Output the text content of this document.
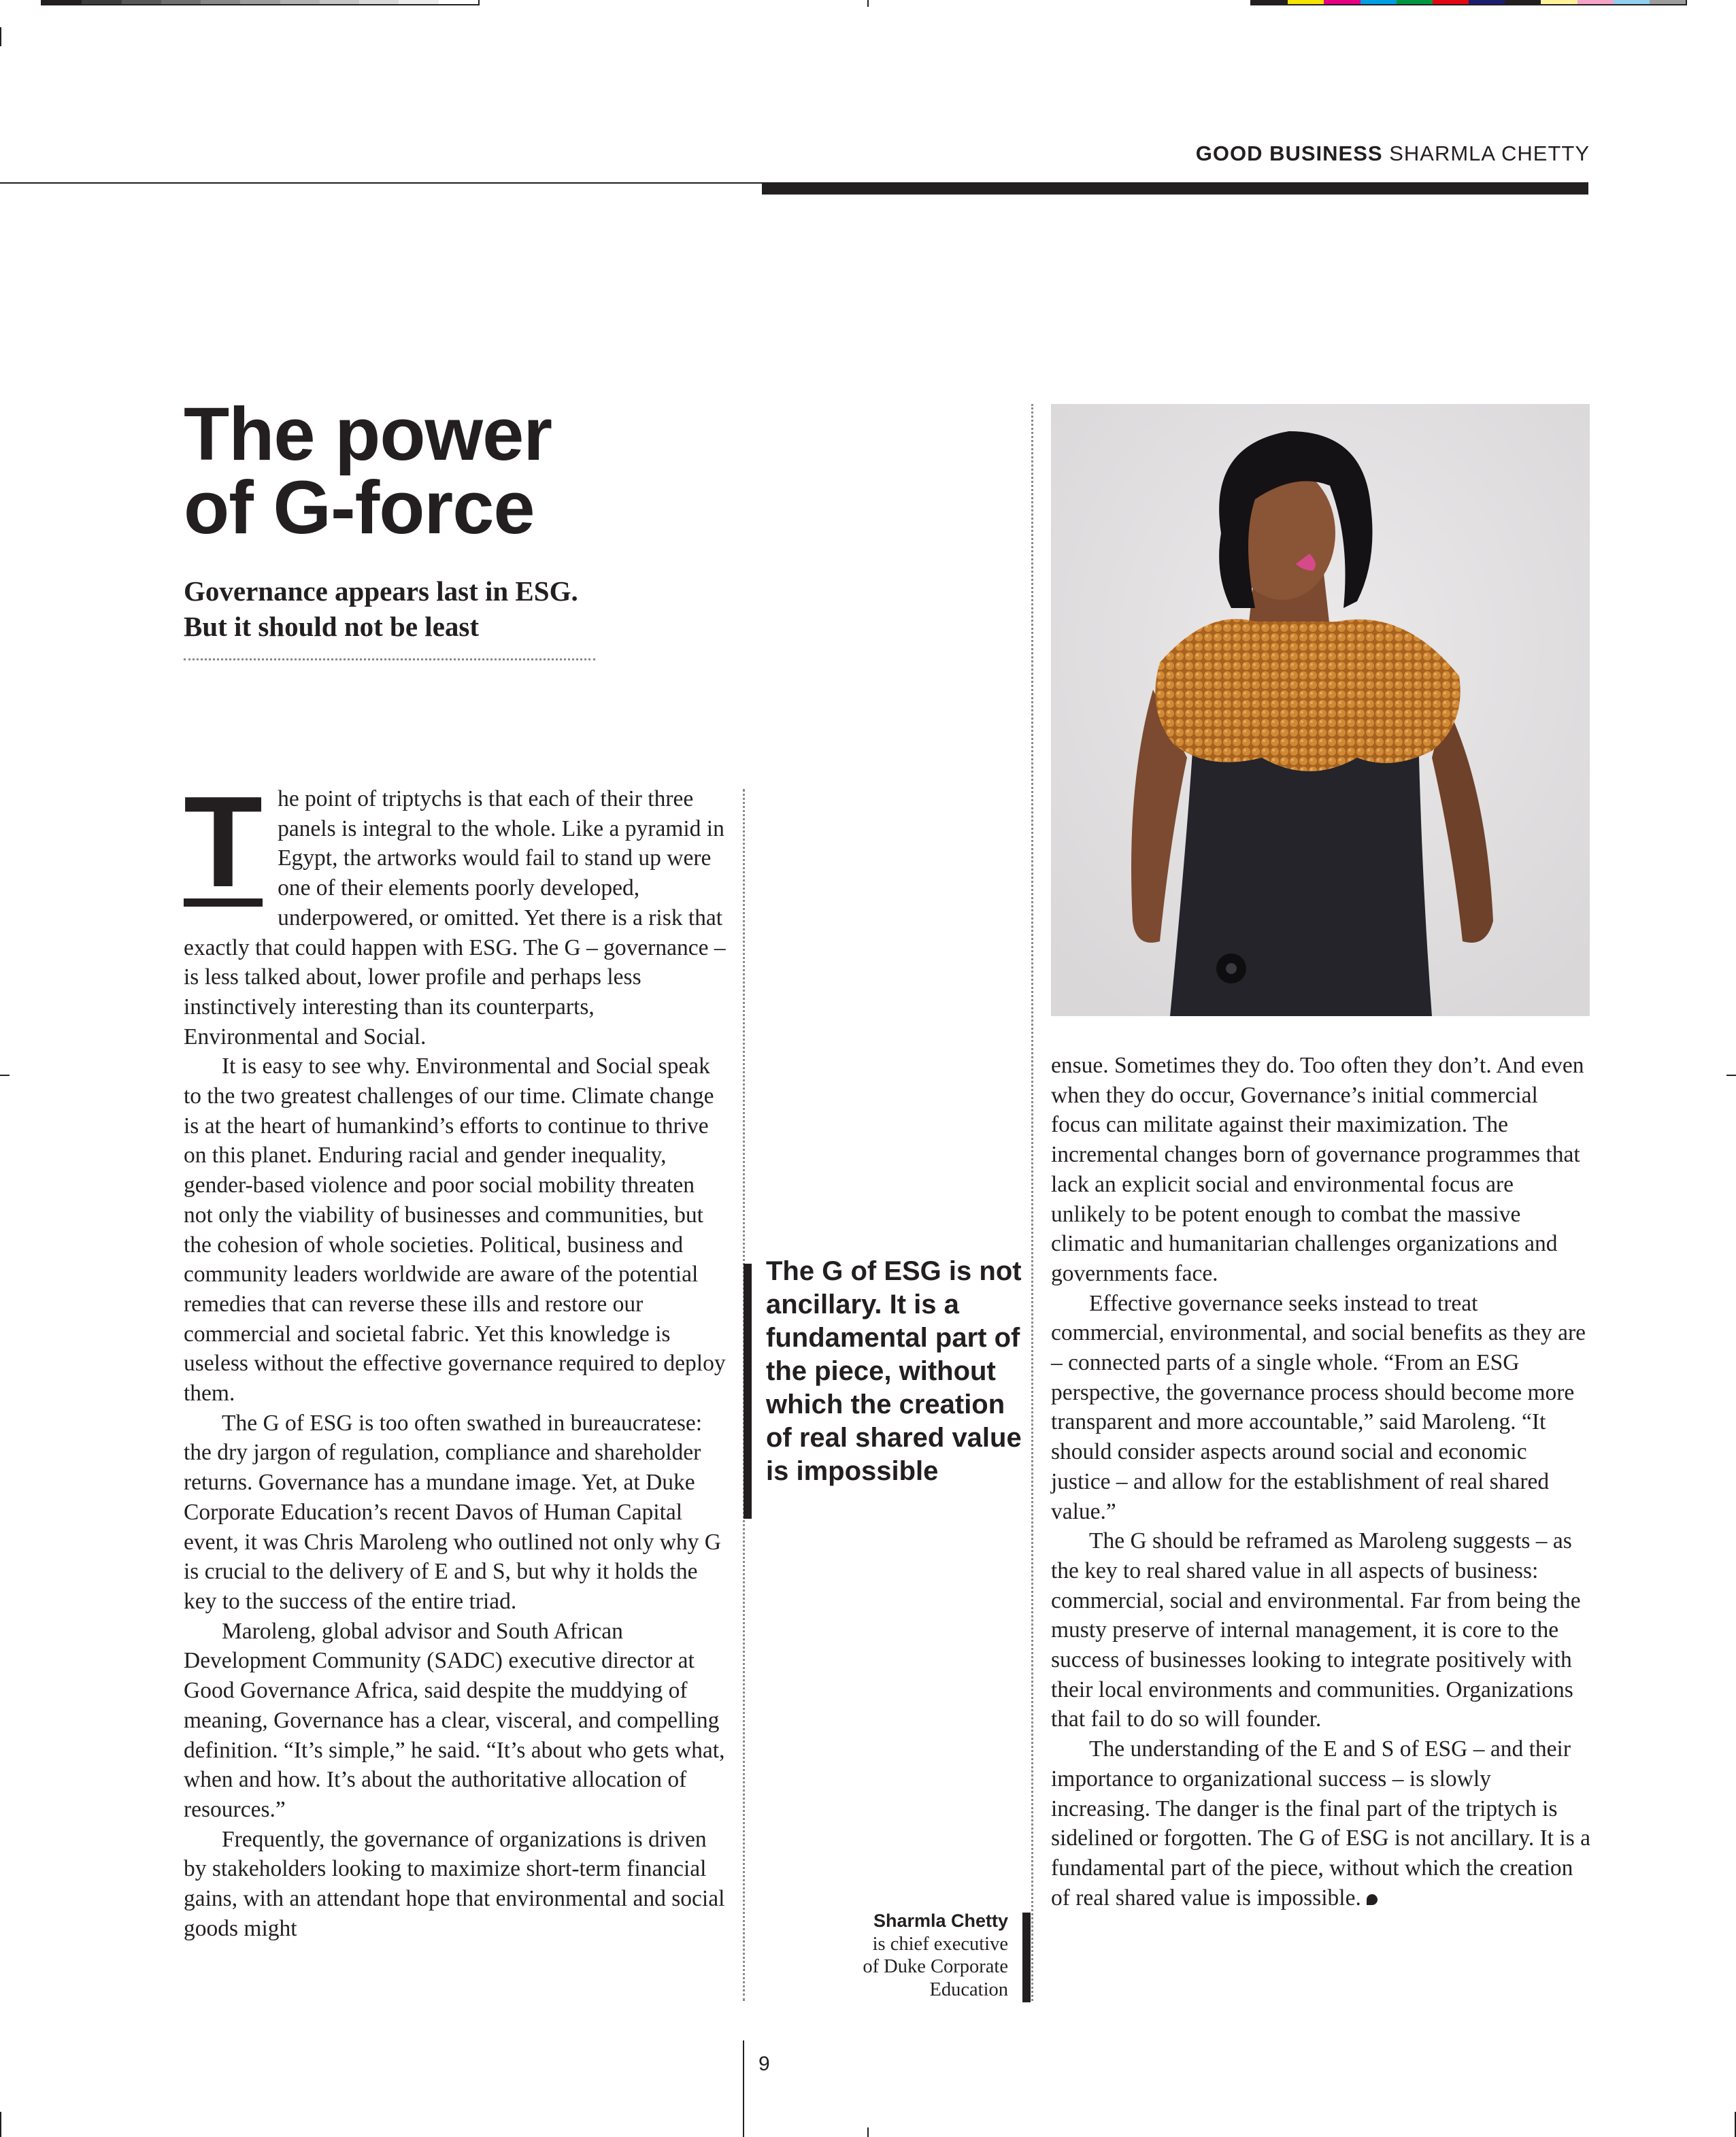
GOOD BUSINESS SHARMLA CHETTY
The power
of G-force

Governance appears last in ESG.
But it should not be least

T he point of triptychs is that each of their three panels is integral to the whole. Like a pyramid in Egypt, the artworks would fail to stand up were one of their elements poorly developed, underpowered, or omitted. Yet there is a risk that exactly that could happen with ESG. The G – governance – is less talked about, lower profile and perhaps less instinctively interesting than its counterparts, Environmental and Social.

It is easy to see why. Environmental and Social speak to the two greatest challenges of our time. Climate change is at the heart of humankind’s efforts to continue to thrive on this planet. Enduring racial and gender inequality, gender-based violence and poor social mobility threaten not only the viability of businesses and communities, but the cohesion of whole societies. Political, business and community leaders worldwide are aware of the potential remedies that can reverse these ills and restore our commercial and societal fabric. Yet this knowledge is useless without the effective governance required to deploy them.

The G of ESG is too often swathed in bureaucratese: the dry jargon of regulation, compliance and shareholder returns. Governance has a mundane image. Yet, at Duke Corporate Education’s recent Davos of Human Capital event, it was Chris Maroleng who outlined not only why G is crucial to the delivery of E and S, but why it holds the key to the success of the entire triad.

Maroleng, global advisor and South African Development Community (SADC) executive director at Good Governance Africa, said despite the muddying of meaning, Governance has a clear, visceral, and compelling definition. “It’s simple,” he said. “It’s about who gets what, when and how. It’s about the authoritative allocation of resources.”

Frequently, the governance of organizations is driven by stakeholders looking to maximize short-term financial gains, with an attendant hope that environmental and social goods might

The G of ESG is not ancillary. It is a fundamental part of the piece, without which the creation of real shared value is impossible

ensue. Sometimes they do. Too often they don’t. And even when they do occur, Governance’s initial commercial focus can militate against their maximization. The incremental changes born of governance programmes that lack an explicit social and environmental focus are unlikely to be potent enough to combat the massive climatic and humanitarian challenges organizations and governments face.

Effective governance seeks instead to treat commercial, environmental, and social benefits as they are – connected parts of a single whole. “From an ESG perspective, the governance process should become more transparent and more accountable,” said Maroleng. “It should consider aspects around social and economic justice – and allow for the establishment of real shared value.”

The G should be reframed as Maroleng suggests – as the key to real shared value in all aspects of business: commercial, social and environmental. Far from being the musty preserve of internal management, it is core to the success of businesses looking to integrate positively with their local environments and communities. Organizations that fail to do so will founder.

The understanding of the E and S of ESG – and their importance to organizational success – is slowly increasing. The danger is the final part of the triptych is sidelined or forgotten. The G of ESG is not ancillary. It is a fundamental part of the piece, without which the creation of real shared value is impossible.

Sharmla Chetty
is chief executive
of Duke Corporate
Education
9
